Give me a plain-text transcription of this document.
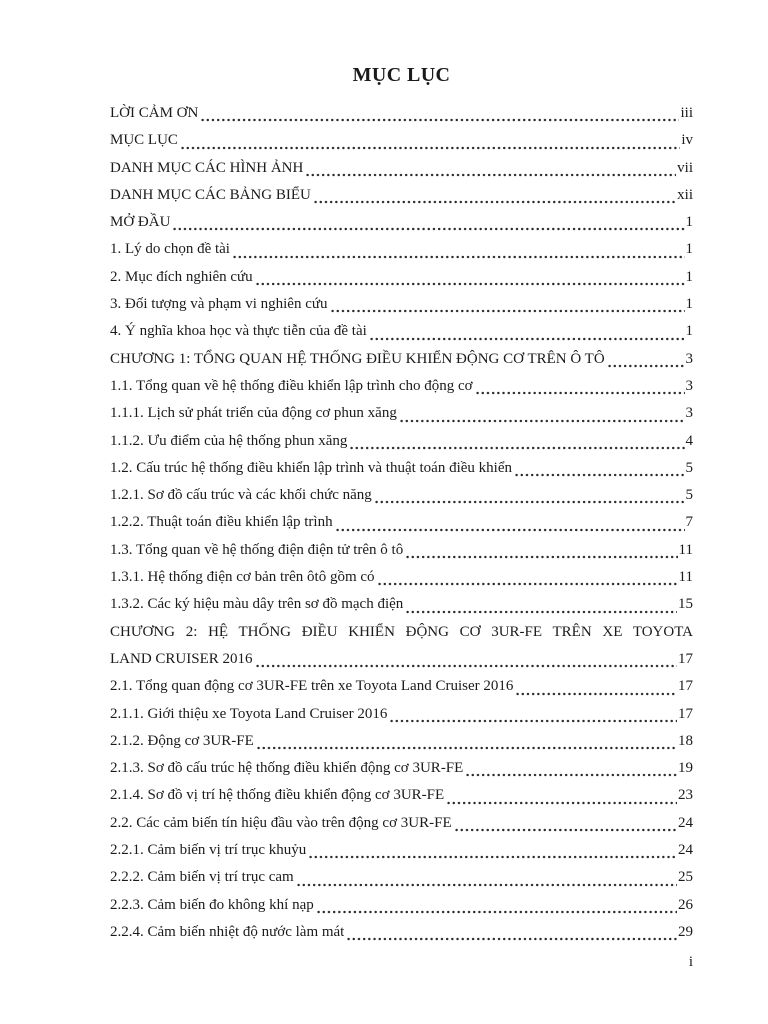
MỤC LỤC
LỜI CẢM ƠN	iii
MỤC LỤC	iv
DANH MỤC CÁC HÌNH ẢNH	vii
DANH MỤC CÁC BẢNG BIỂU	xii
MỞ ĐẦU	1
1. Lý do chọn đề tài	1
2. Mục đích nghiên cứu	1
3. Đối tượng và phạm vi nghiên cứu	1
4. Ý nghĩa khoa học và thực tiễn của đề tài	1
CHƯƠNG 1: TỔNG QUAN HỆ THỐNG ĐIỀU KHIỂN ĐỘNG CƠ TRÊN Ô TÔ	3
1.1. Tổng quan về hệ thống điều khiển lập trình cho động cơ	3
1.1.1. Lịch sử phát triển của động cơ phun xăng	3
1.1.2. Ưu điểm của hệ thống phun xăng	4
1.2. Cấu trúc hệ thống điều khiển lập trình và thuật toán điều khiển	5
1.2.1. Sơ đồ cấu trúc và các khối chức năng	5
1.2.2. Thuật toán điều khiển lập trình	7
1.3. Tổng quan về hệ thống điện điện tử trên ô tô	11
1.3.1. Hệ thống điện cơ bản trên ôtô gồm có	11
1.3.2. Các ký hiệu màu dây trên sơ đồ mạch điện	15
CHƯƠNG 2: HỆ THỐNG ĐIỀU KHIỂN ĐỘNG CƠ 3UR-FE TRÊN XE TOYOTA
LAND CRUISER 2016	17
2.1. Tổng quan động cơ 3UR-FE trên xe Toyota Land Cruiser 2016	17
2.1.1. Giới thiệu xe Toyota Land Cruiser 2016	17
2.1.2. Động cơ 3UR-FE	18
2.1.3. Sơ đồ cấu trúc hệ thống điều khiển động cơ 3UR-FE	19
2.1.4. Sơ đồ vị trí hệ thống điều khiển động cơ 3UR-FE	23
2.2. Các cảm biến tín hiệu đầu vào trên động cơ 3UR-FE	24
2.2.1. Cảm biến vị trí trục khuỷu	24
2.2.2. Cảm biến vị trí trục cam	25
2.2.3. Cảm biến đo không khí nạp	26
2.2.4. Cảm biến nhiệt độ nước làm mát	29
i
